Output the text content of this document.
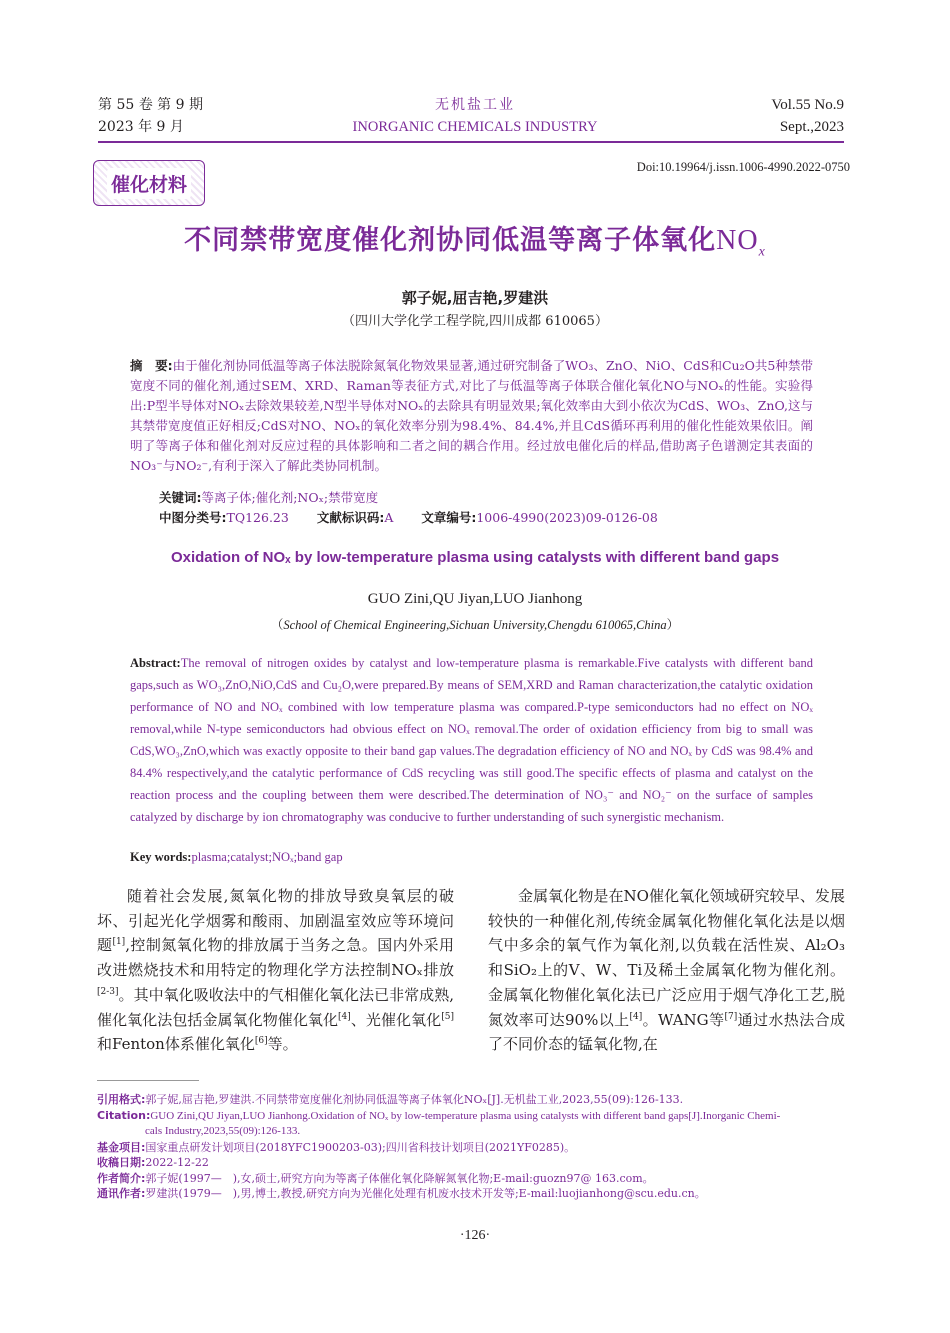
第 55 卷 第 9 期
2023 年 9 月
无机盐工业
INORGANIC CHEMICALS INDUSTRY
Vol.55 No.9
Sept.,2023
催化材料
Doi:10.19964/j.issn.1006-4990.2022-0750
不同禁带宽度催化剂协同低温等离子体氧化$NO_x$
郭子妮,屈吉艳,罗建洪
（四川大学化学工程学院,四川成都 610065）
摘　要:由于催化剂协同低温等离子体法脱除氮氧化物效果显著,通过研究制备了WO₃、ZnO、NiO、CdS和Cu₂O共5种禁带宽度不同的催化剂,通过SEM、XRD、Raman等表征方式,对比了与低温等离子体联合催化氧化NO与NOₓ的性能。实验得出:P型半导体对NOₓ去除效果较差,N型半导体对NOₓ的去除具有明显效果;氧化效率由大到小依次为CdS、WO₃、ZnO,这与其禁带宽度值正好相反;CdS对NO、NOₓ的氧化效率分别为98.4%、84.4%,并且CdS循环再利用的催化性能效果依旧。阐明了等离子体和催化剂对反应过程的具体影响和二者之间的耦合作用。经过放电催化后的样品,借助离子色谱测定其表面的NO₃⁻与NO₂⁻,有利于深入了解此类协同机制。
关键词:等离子体;催化剂;NOₓ;禁带宽度
中图分类号:TQ126.23 文献标识码:A 文章编号:1006-4990(2023)09-0126-08
Oxidation of NOₓ by low-temperature plasma using catalysts with different band gaps
GUO Zini,QU Jiyan,LUO Jianhong
（School of Chemical Engineering,Sichuan University,Chengdu 610065,China）
Abstract:The removal of nitrogen oxides by catalyst and low-temperature plasma is remarkable.Five catalysts with different band gaps,such as WO₃,ZnO,NiO,CdS and Cu₂O,were prepared.By means of SEM,XRD and Raman characterization,the catalytic oxidation performance of NO and NOₓ combined with low temperature plasma was compared.P-type semiconductors had no effect on NOₓ removal,while N-type semiconductors had obvious effect on NOₓ removal.The order of oxidation efficiency from big to small was CdS,WO₃,ZnO,which was exactly opposite to their band gap values.The degradation efficiency of NO and NOₓ by CdS was 98.4% and 84.4% respectively,and the catalytic performance of CdS recycling was still good.The specific effects of plasma and catalyst on the reaction process and the coupling between them were described.The determination of NO₃⁻ and NO₂⁻ on the surface of samples catalyzed by discharge by ion chromatography was conducive to further understanding of such synergistic mechanism.
Key words:plasma;catalyst;NOₓ;band gap

随着社会发展,氮氧化物的排放导致臭氧层的破坏、引起光化学烟雾和酸雨、加剧温室效应等环境问题[1],控制氮氧化物的排放属于当务之急。国内外采用改进燃烧技术和用特定的物理化学方法控制NOₓ排放[2-3]。其中氧化吸收法中的气相催化氧化法已非常成熟,催化氧化法包括金属氧化物催化氧化[4]、光催化氧化[5]和Fenton体系催化氧化[6]等。

金属氧化物是在NO催化氧化领域研究较早、发展较快的一种催化剂,传统金属氧化物催化氧化法是以烟气中多余的氧气作为氧化剂,以负载在活性炭、Al₂O₃和SiO₂上的V、W、Ti及稀土金属氧化物为催化剂。金属氧化物催化氧化法已广泛应用于烟气净化工艺,脱氮效率可达90%以上[4]。WANG等[7]通过水热法合成了不同价态的锰氧化物,在

引用格式:郭子妮,屈吉艳,罗建洪.不同禁带宽度催化剂协同低温等离子体氧化NOₓ[J].无机盐工业,2023,55(09):126-133.
Citation:GUO Zini,QU Jiyan,LUO Jianhong.Oxidation of NOₓ by low-temperature plasma using catalysts with different band gaps[J].Inorganic Chemi-
cals Industry,2023,55(09):126-133.
基金项目:国家重点研发计划项目(2018YFC1900203-03);四川省科技计划项目(2021YF0285)。
收稿日期:2022-12-22
作者简介:郭子妮(1997—　),女,硕士,研究方向为等离子体催化氧化降解氮氧化物;E-mail:guozn97@ 163.com。
通讯作者:罗建洪(1979—　),男,博士,教授,研究方向为光催化处理有机废水技术开发等;E-mail:luojianhong@scu.edu.cn。
·126·
